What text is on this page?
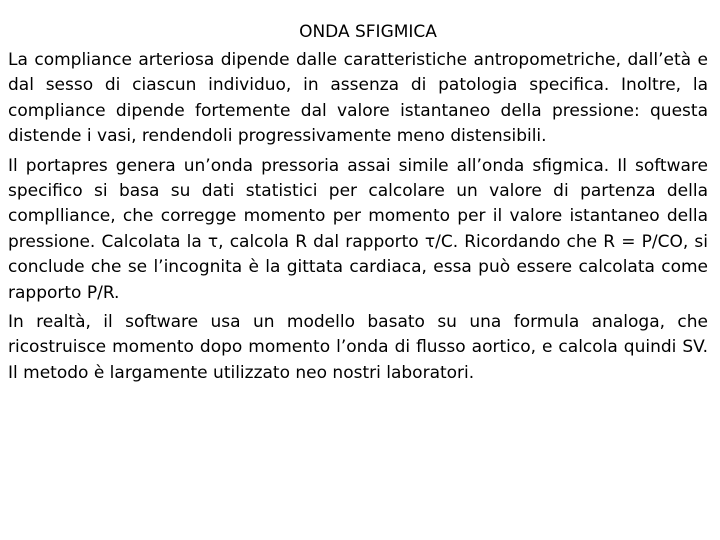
ONDA SFIGMICA

La compliance arteriosa dipende dalle caratteristiche antropometriche, dall’età e dal sesso di ciascun individuo, in assenza di patologia specifica. Inoltre, la compliance dipende fortemente dal valore istantaneo della pressione: questa distende i vasi, rendendoli progressivamente meno distensibili.

Il portapres genera un’onda pressoria assai simile all’onda sfigmica. Il software specifico si basa su dati statistici per calcolare un valore di partenza della complliance, che corregge momento per momento per il valore istantaneo della pressione. Calcolata la τ, calcola R dal rapporto τ/C. Ricordando che R = P/CO, si conclude che se l’incognita è la gittata cardiaca, essa può essere calcolata come rapporto P/R.

In realtà, il software usa un modello basato su una formula analoga, che ricostruisce momento dopo momento l’onda di flusso aortico, e calcola quindi SV. Il metodo è largamente utilizzato neo nostri laboratori.
